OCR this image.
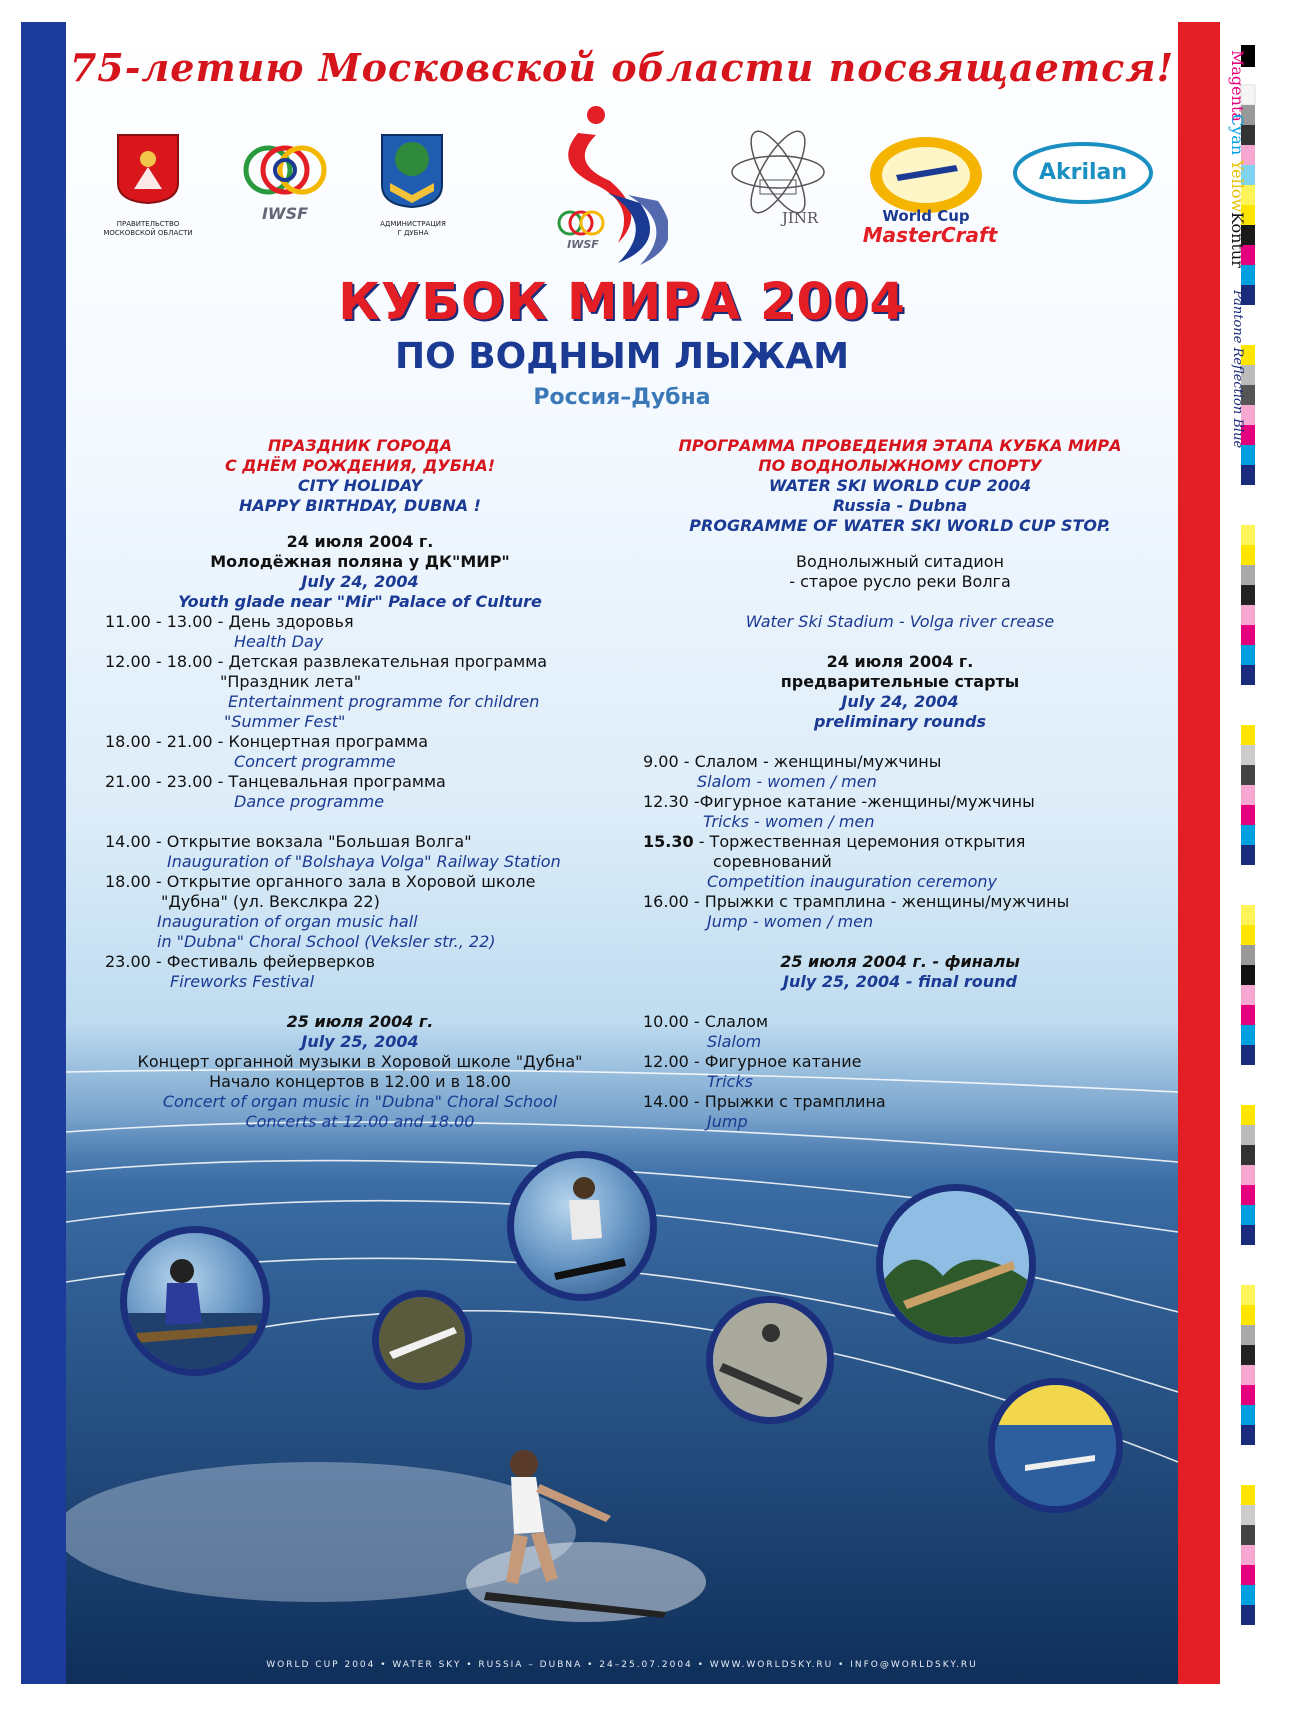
75-летию Московской области посвящается!
ПРАВИТЕЛЬСТВО
МОСКОВСКОЙ ОБЛАСТИ
IWSF
АДМИНИСТРАЦИЯ
Г ДУБНА
IWSF
JINR	World Cup
MasterCraft
Akrilan
КУБОК МИРА 2004
ПО ВОДНЫМ ЛЫЖАМ
Россия–Дубна
ПРАЗДНИК ГОРОДА
С ДНЁМ РОЖДЕНИЯ, ДУБНА!
CITY HOLIDAY
HAPPY BIRTHDAY, DUBNA !
24 июля 2004 г.
Молодёжная поляна у ДК"МИР"
July 24, 2004
Youth glade near "Mir" Palace of Culture
11.00 - 13.00 - День здоровья
Health Day
12.00 - 18.00 - Детская развлекательная программа
"Праздник лета"
Entertainment programme for children
"Summer Fest"
18.00 - 21.00 - Концертная программа
Concert programme
21.00 - 23.00 - Танцевальная программа
Dance programme
14.00 - Открытие вокзала "Большая Волга"
Inauguration of "Bolshaya Volga" Railway Station
18.00 - Открытие органного зала в Хоровой школе
"Дубна" (ул. Векслкра 22)
Inauguration of organ music hall
in "Dubna" Choral School (Veksler str., 22)
23.00 - Фестиваль фейерверков
Fireworks Festival
25 июля 2004 г.
July 25, 2004
Концерт органной музыки в Хоровой школе "Дубна"
Начало концертов в 12.00 и в 18.00
Concert of organ music in "Dubna" Choral School
Concerts at 12.00 and 18.00
ПРОГРАММА ПРОВЕДЕНИЯ ЭТАПА КУБКА МИРА
ПО ВОДНОЛЫЖНОМУ СПОРТУ
WATER SKI WORLD CUP 2004
Russia - Dubna
PROGRAMME OF WATER SKI WORLD CUP STOP.
Воднолыжный ситадион
- старое русло реки Волга
Water Ski Stadium - Volga river crease
24 июля 2004 г.
предварительные старты
July 24, 2004
preliminary rounds
9.00 - Слалом - женщины/мужчины
Slalom - women / men
12.30 -Фигурное катание -женщины/мужчины
Tricks - women / men
15.30 - Торжественная церемония открытия
соревнований
Competition inauguration ceremony
16.00 - Прыжки с трамплина - женщины/мужчины
Jump - women / men
25 июля 2004 г. - финалы
July 25, 2004 - final round
10.00 - Слалом
Slalom
12.00 - Фигурное катание
Tricks
14.00 - Прыжки с трамплина
Jump
WORLD CUP 2004 • WATER SKY • RUSSIA – DUBNA • 24–25.07.2004 • WWW.WORLDSKY.RU • INFO@WORLDSKY.RU
Magenta
Cyan
Yellow
Kontur
Pantone Reflection Blue
